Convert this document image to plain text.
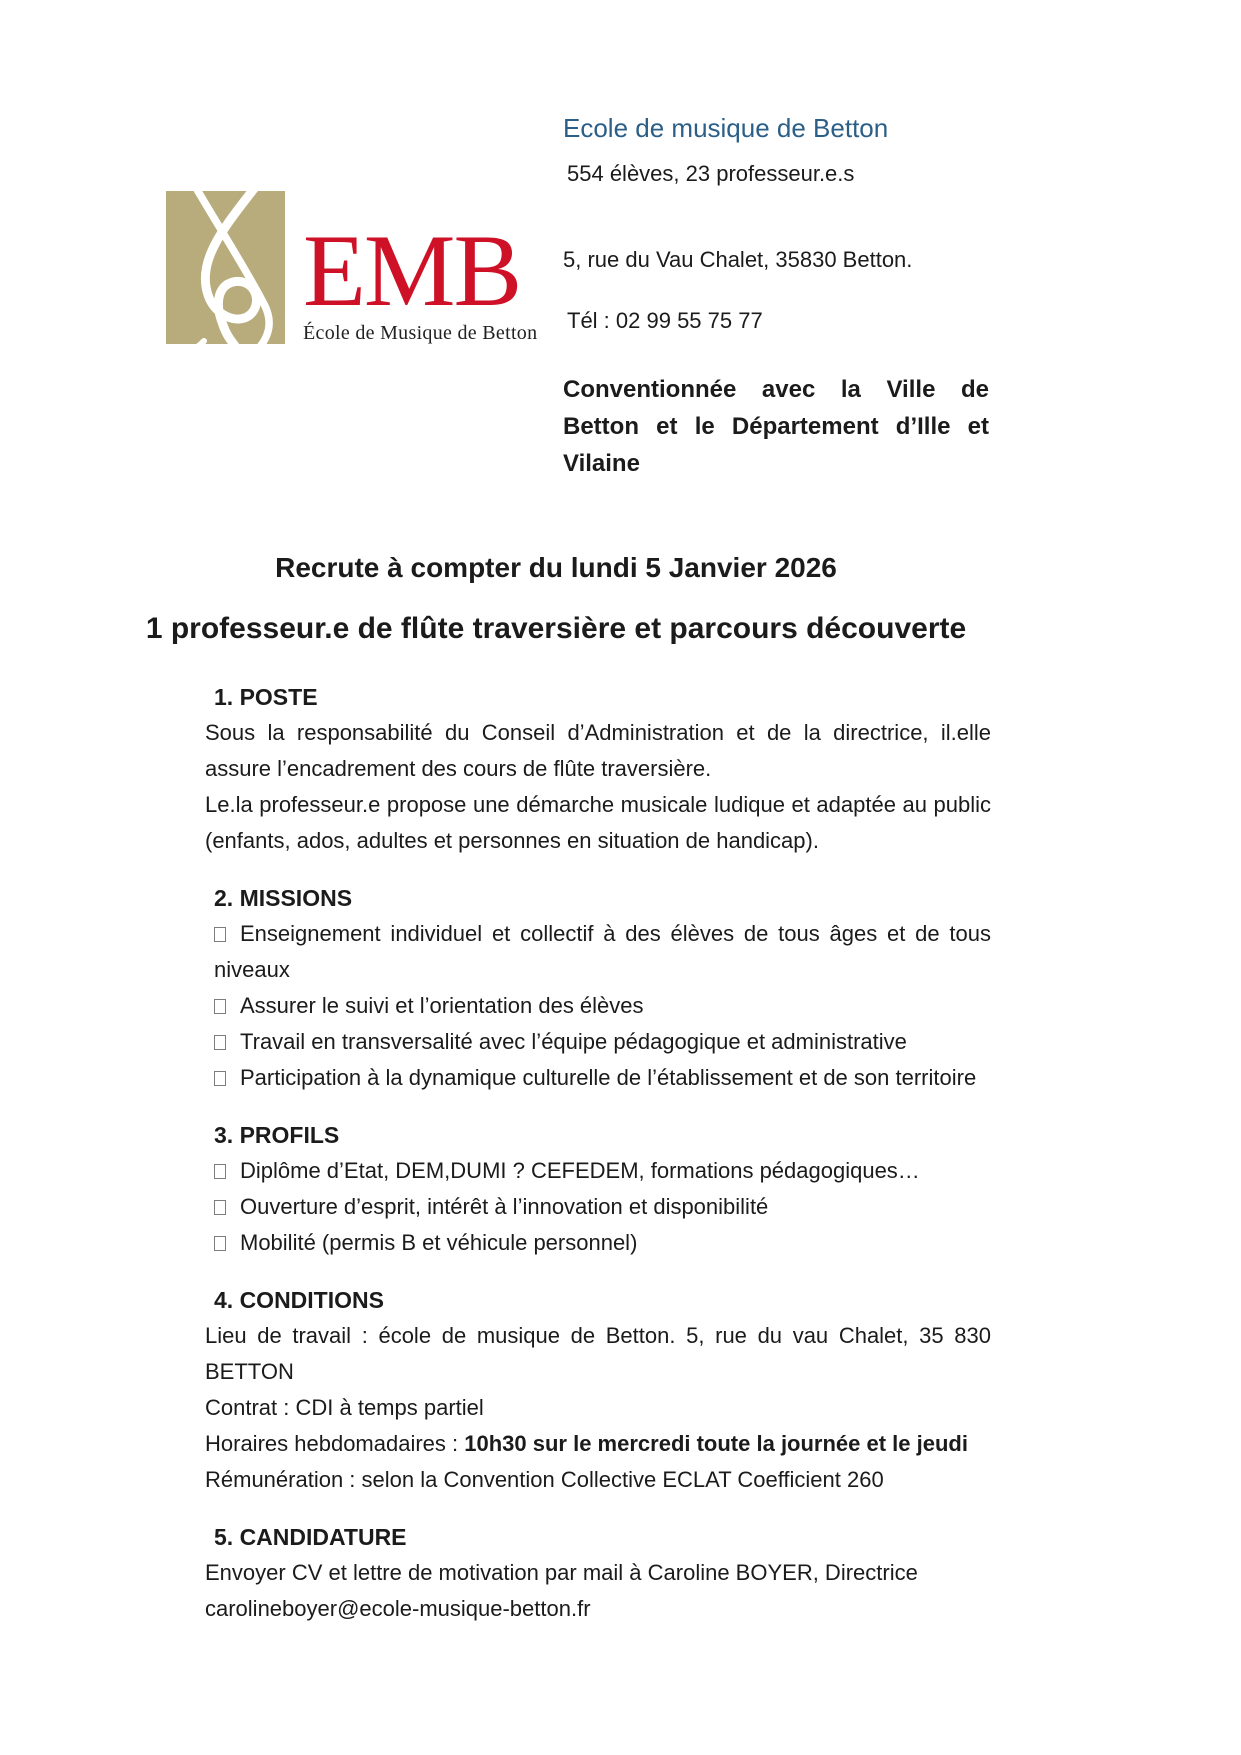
EMB
École de Musique de Betton
Ecole de musique de Betton
554 élèves, 23 professeur.e.s
5, rue du Vau Chalet, 35830 Betton.
Tél : 02 99 55 75 77
Conventionnée avec la Ville de Betton et le Département d’Ille et Vilaine
Recrute à compter du lundi 5 Janvier 2026
1 professeur.e de flûte traversière et parcours découverte
1. POSTE

Sous la responsabilité du Conseil d’Administration et de la directrice, il.elle assure l’encadrement des cours de flûte traversière.

Le.la professeur.e propose une démarche musicale ludique et adaptée au public (enfants, ados, adultes et personnes en situation de handicap).

2. MISSIONS

Enseignement individuel et collectif à des élèves de tous âges et de tous niveaux

Assurer le suivi et l’orientation des élèves

Travail en transversalité avec l’équipe pédagogique et administrative

Participation à la dynamique culturelle de l’établissement et de son territoire

3. PROFILS

Diplôme d’Etat, DEM,DUMI ? CEFEDEM, formations pédagogiques…

Ouverture d’esprit, intérêt à l’innovation et disponibilité

Mobilité (permis B et véhicule personnel)

4. CONDITIONS

Lieu de travail : école de musique de Betton. 5, rue du vau Chalet, 35 830 BETTON

Contrat : CDI à temps partiel

Horaires hebdomadaires : 10h30 sur le mercredi toute la journée et le jeudi

Rémunération : selon la Convention Collective ECLAT Coefficient 260

5. CANDIDATURE

Envoyer CV et lettre de motivation par mail à Caroline BOYER, Directrice

carolineboyer@ecole-musique-betton.fr
